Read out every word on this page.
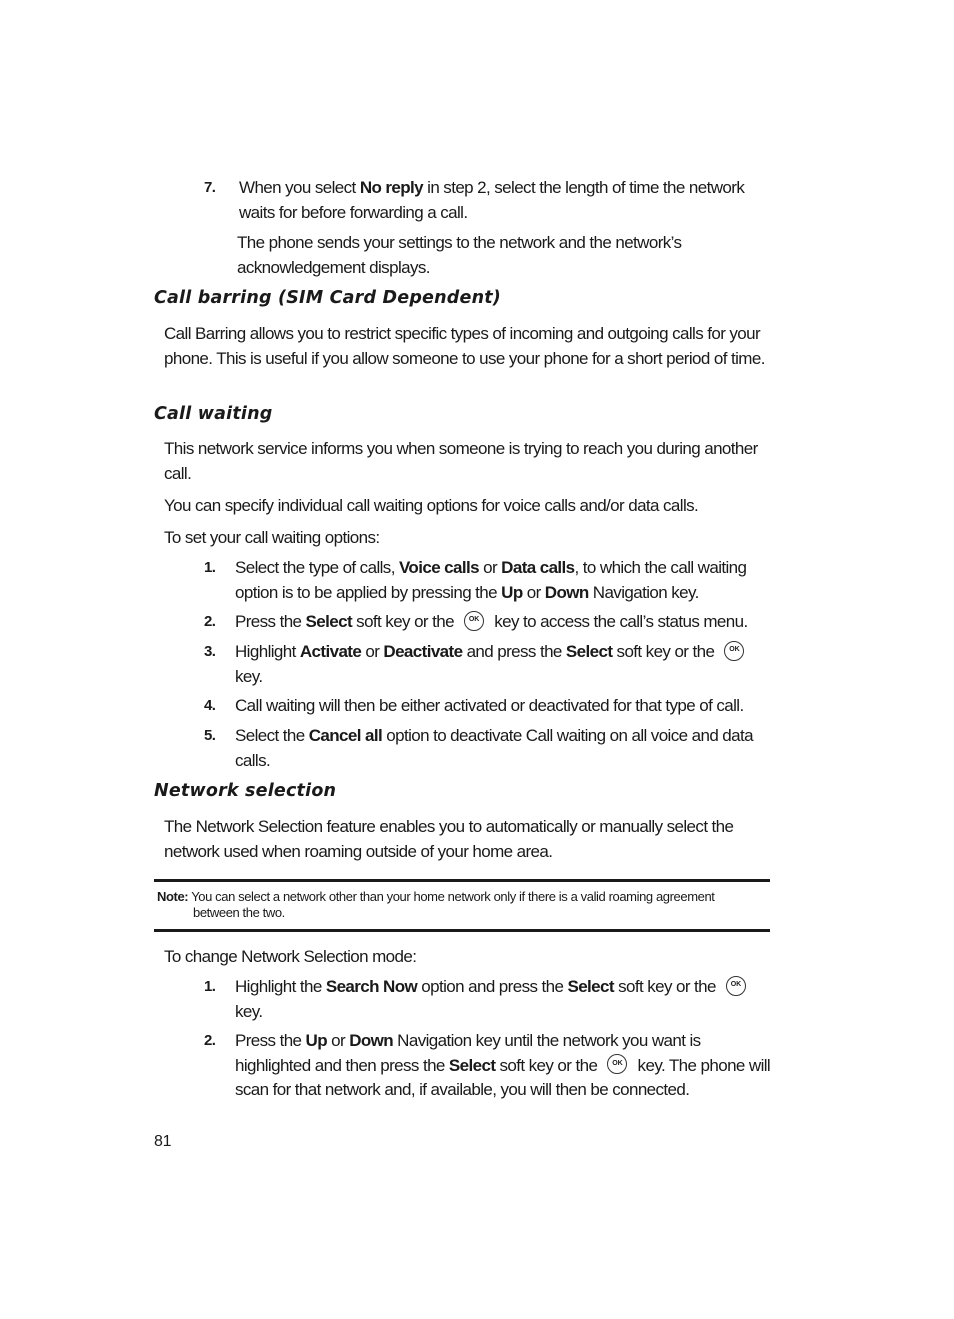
7.	When you select No reply in step 2, select the length of time the network waits for before forwarding a call.

The phone sends your settings to the network and the network’s acknowledgement displays.
Call barring (SIM Card Dependent)
Call Barring allows you to restrict specific types of incoming and outgoing calls for your phone. This is useful if you allow someone to use your phone for a short period of time.
Call waiting
This network service informs you when someone is trying to reach you during another call.
You can specify individual call waiting options for voice calls and/or data calls.
To set your call waiting options:
1.	Select the type of calls, Voice calls or Data calls, to which the call waiting option is to be applied by pressing the Up or Down Navigation key.

2.	Press the Select soft key or the OK key to access the call’s status menu.

3.	Highlight Activate or Deactivate and press the Select soft key or the OK key.

4.	Call waiting will then be either activated or deactivated for that type of call.

5.	Select the Cancel all option to deactivate Call waiting on all voice and data calls.

Network selection
The Network Selection feature enables you to automatically or manually select the network used when roaming outside of your home area.
Note: You can select a network other than your home network only if there is a valid roaming agreement
between the two.
To change Network Selection mode:
1.	Highlight the Search Now option and press the Select soft key or the OK key.

2.	Press the Up or Down Navigation key until the network you want is highlighted and then press the Select soft key or the OK key. The phone will scan for that network and, if available, you will then be connected.

81
